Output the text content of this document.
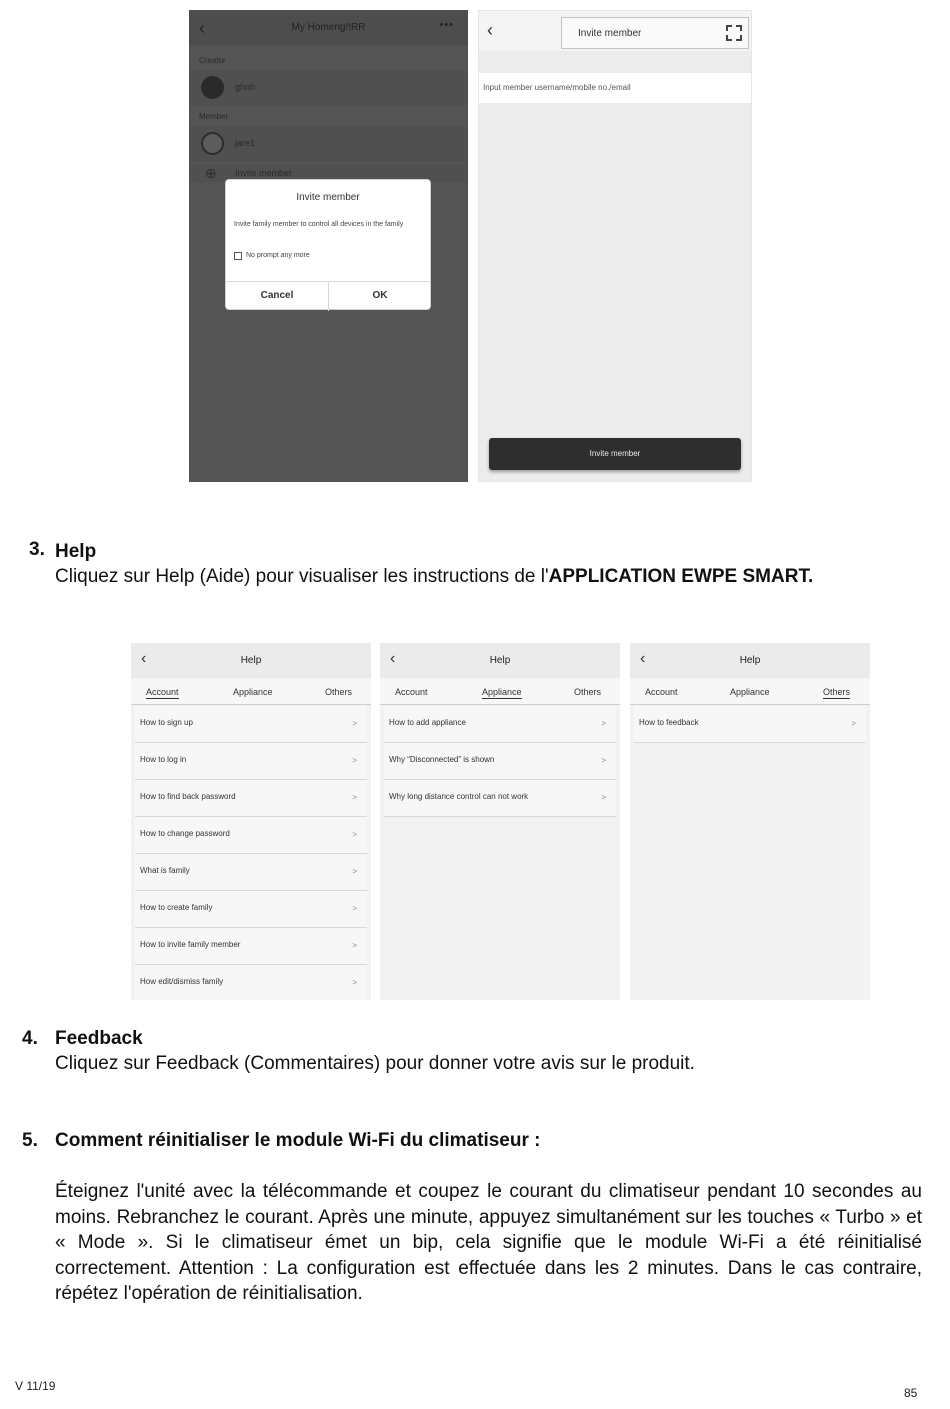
‹	My Homeng!!RR	•••
Creator
ghnh
Member
jare1
⊕ Invite member
Invite member
Invite family member to control all devices in the family
No prompt any more
Cancel	OK
‹	Invite member
Input member username/mobile no./email
Invite member
3. Help
Cliquez sur Help (Aide) pour visualiser les instructions de l'APPLICATION EWPE SMART.
‹	Help
Account	Appliance	Others
How to sign up	>
How to log in	>
How to find back password	>
How to change password	>
What is family	>
How to create family	>
How to invite family member	>
How edit/dismiss family	>
‹	Help
Account	Appliance	Others
How to add appliance	>
Why “Disconnected” is shown	>
Why long distance control can not work	>
‹	Help
Account	Appliance	Others
How to feedback	>
4. Feedback
Cliquez sur Feedback (Commentaires) pour donner votre avis sur le produit.
5. Comment réinitialiser le module Wi-Fi du climatiseur :
Éteignez l'unité avec la télécommande et coupez le courant du climatiseur pendant 10 secondes au moins. Rebranchez le courant. Après une minute, appuyez simultanément sur les touches « Turbo » et « Mode ». Si le climatiseur émet un bip, cela signifie que le module Wi-Fi a été réinitialisé correctement. Attention : La configuration est effectuée dans les 2 minutes. Dans le cas contraire, répétez l'opération de réinitialisation.
V 11/19	85
